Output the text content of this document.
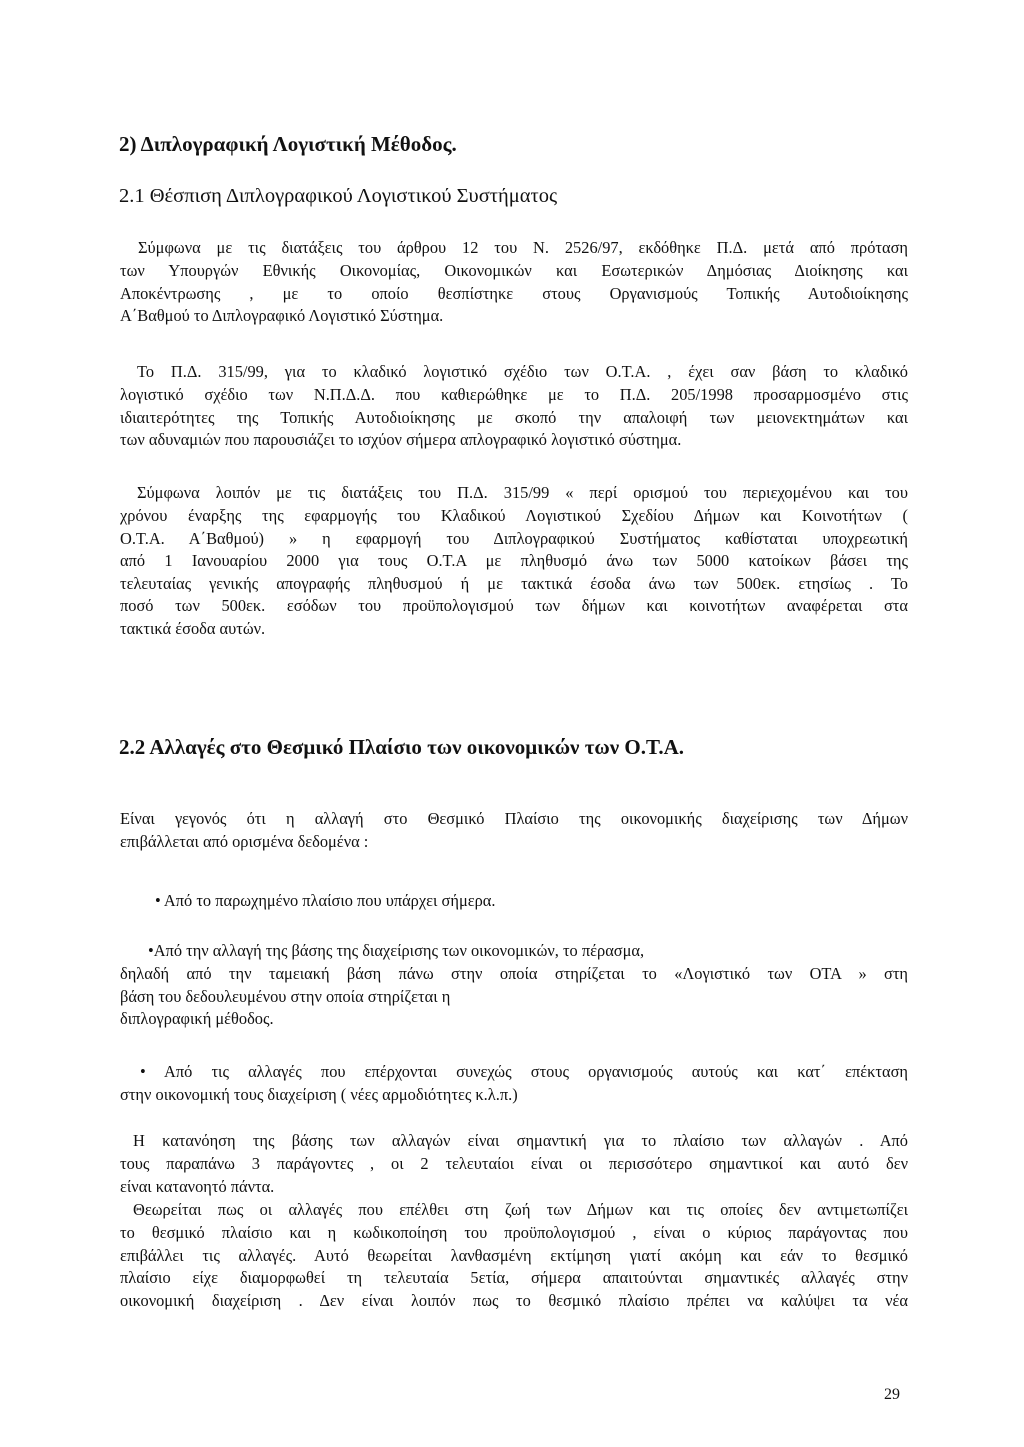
2) Διπλογραφική Λογιστική Μέθοδος.
2.1 Θέσπιση Διπλογραφικού Λογιστικού Συστήματος
Σύμφωνα με τις διατάξεις του άρθρου 12 του Ν. 2526/97, εκδόθηκε Π.Δ. μετά από πρόταση
των Υπουργών Εθνικής Οικονομίας, Οικονομικών και Εσωτερικών Δημόσιας Διοίκησης και
Αποκέντρωσης , με το οποίο θεσπίστηκε στους Οργανισμούς Τοπικής Αυτοδιοίκησης
Α΄Βαθμού το Διπλογραφικό Λογιστικό Σύστημα.
Το Π.Δ. 315/99, για το κλαδικό λογιστικό σχέδιο των Ο.Τ.Α. , έχει σαν βάση το κλαδικό
λογιστικό σχέδιο των Ν.Π.Δ.Δ. που καθιερώθηκε με το Π.Δ. 205/1998 προσαρμοσμένο στις
ιδιαιτερότητες της Τοπικής Αυτοδιοίκησης με σκοπό την απαλοιφή των μειονεκτημάτων και
των αδυναμιών που παρουσιάζει το ισχύον σήμερα απλογραφικό λογιστικό σύστημα.
Σύμφωνα λοιπόν με τις διατάξεις του Π.Δ. 315/99 « περί ορισμού του περιεχομένου και του
χρόνου έναρξης της εφαρμογής του Κλαδικού Λογιστικού Σχεδίου Δήμων και Κοινοτήτων (
Ο.Τ.Α. Α΄Βαθμού) » η εφαρμογή του Διπλογραφικού Συστήματος καθίσταται υποχρεωτική
από 1 Ιανουαρίου 2000 για τους Ο.Τ.Α με πληθυσμό άνω των 5000 κατοίκων βάσει της
τελευταίας γενικής απογραφής πληθυσμού ή με τακτικά έσοδα άνω των 500εκ. ετησίως . Το
ποσό των 500εκ. εσόδων του προϋπολογισμού των δήμων και κοινοτήτων αναφέρεται στα
τακτικά έσοδα αυτών.
2.2 Αλλαγές στο Θεσμικό Πλαίσιο των οικονομικών των Ο.Τ.Α.
Είναι γεγονός ότι η αλλαγή στο Θεσμικό Πλαίσιο της οικονομικής διαχείρισης των Δήμων
επιβάλλεται από ορισμένα δεδομένα :
• Από το παρωχημένο πλαίσιο που υπάρχει σήμερα.
•Από την αλλαγή της βάσης της διαχείρισης των οικονομικών, το πέρασμα,
δηλαδή από την ταμειακή βάση πάνω στην οποία στηρίζεται το «Λογιστικό των ΟΤΑ » στη
βάση του δεδουλευμένου στην οποία στηρίζεται η
διπλογραφική μέθοδος.
• Από τις αλλαγές που επέρχονται συνεχώς στους οργανισμούς αυτούς και κατ΄ επέκταση
στην οικονομική τους διαχείριση ( νέες αρμοδιότητες κ.λ.π.)
Η κατανόηση της βάσης των αλλαγών είναι σημαντική για το πλαίσιο των αλλαγών . Από
τους παραπάνω 3 παράγοντες , οι 2 τελευταίοι είναι οι περισσότερο σημαντικοί και αυτό δεν
είναι κατανοητό πάντα.
Θεωρείται πως οι αλλαγές που επέλθει στη ζωή των Δήμων και τις οποίες δεν αντιμετωπίζει
το θεσμικό πλαίσιο και η κωδικοποίηση του προϋπολογισμού , είναι ο κύριος παράγοντας που
επιβάλλει τις αλλαγές. Αυτό θεωρείται λανθασμένη εκτίμηση γιατί ακόμη και εάν το θεσμικό
πλαίσιο είχε διαμορφωθεί τη τελευταία 5ετία, σήμερα απαιτούνται σημαντικές αλλαγές στην
οικονομική διαχείριση . Δεν είναι λοιπόν πως το θεσμικό πλαίσιο πρέπει να καλύψει τα νέα
29
